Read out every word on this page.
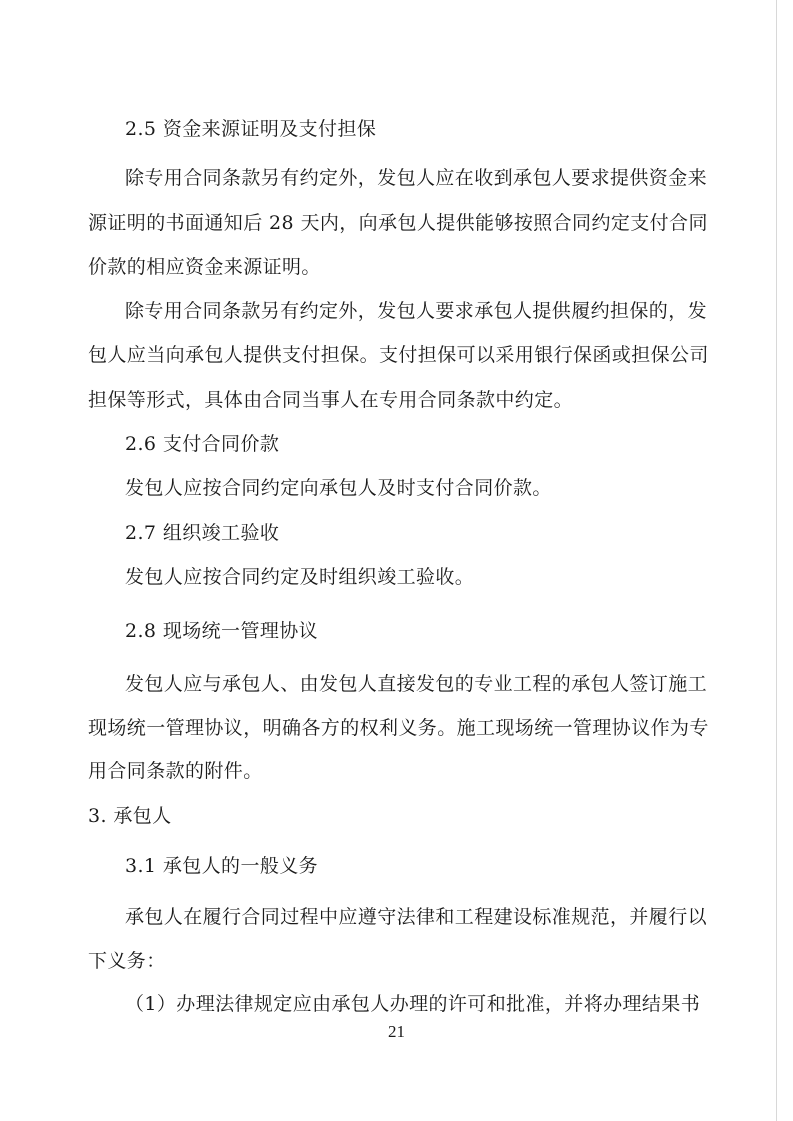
2.5 资金来源证明及支付担保
除专用合同条款另有约定外，发包人应在收到承包人要求提供资金来
源证明的书面通知后 28 天内，向承包人提供能够按照合同约定支付合同
价款的相应资金来源证明。
除专用合同条款另有约定外，发包人要求承包人提供履约担保的，发
包人应当向承包人提供支付担保。支付担保可以采用银行保函或担保公司
担保等形式，具体由合同当事人在专用合同条款中约定。
2.6 支付合同价款
发包人应按合同约定向承包人及时支付合同价款。
2.7 组织竣工验收
发包人应按合同约定及时组织竣工验收。
2.8 现场统一管理协议
发包人应与承包人、由发包人直接发包的专业工程的承包人签订施工
现场统一管理协议，明确各方的权利义务。施工现场统一管理协议作为专
用合同条款的附件。
3. 承包人
3.1 承包人的一般义务
承包人在履行合同过程中应遵守法律和工程建设标准规范，并履行以
下义务：
（1）办理法律规定应由承包人办理的许可和批准，并将办理结果书
21
